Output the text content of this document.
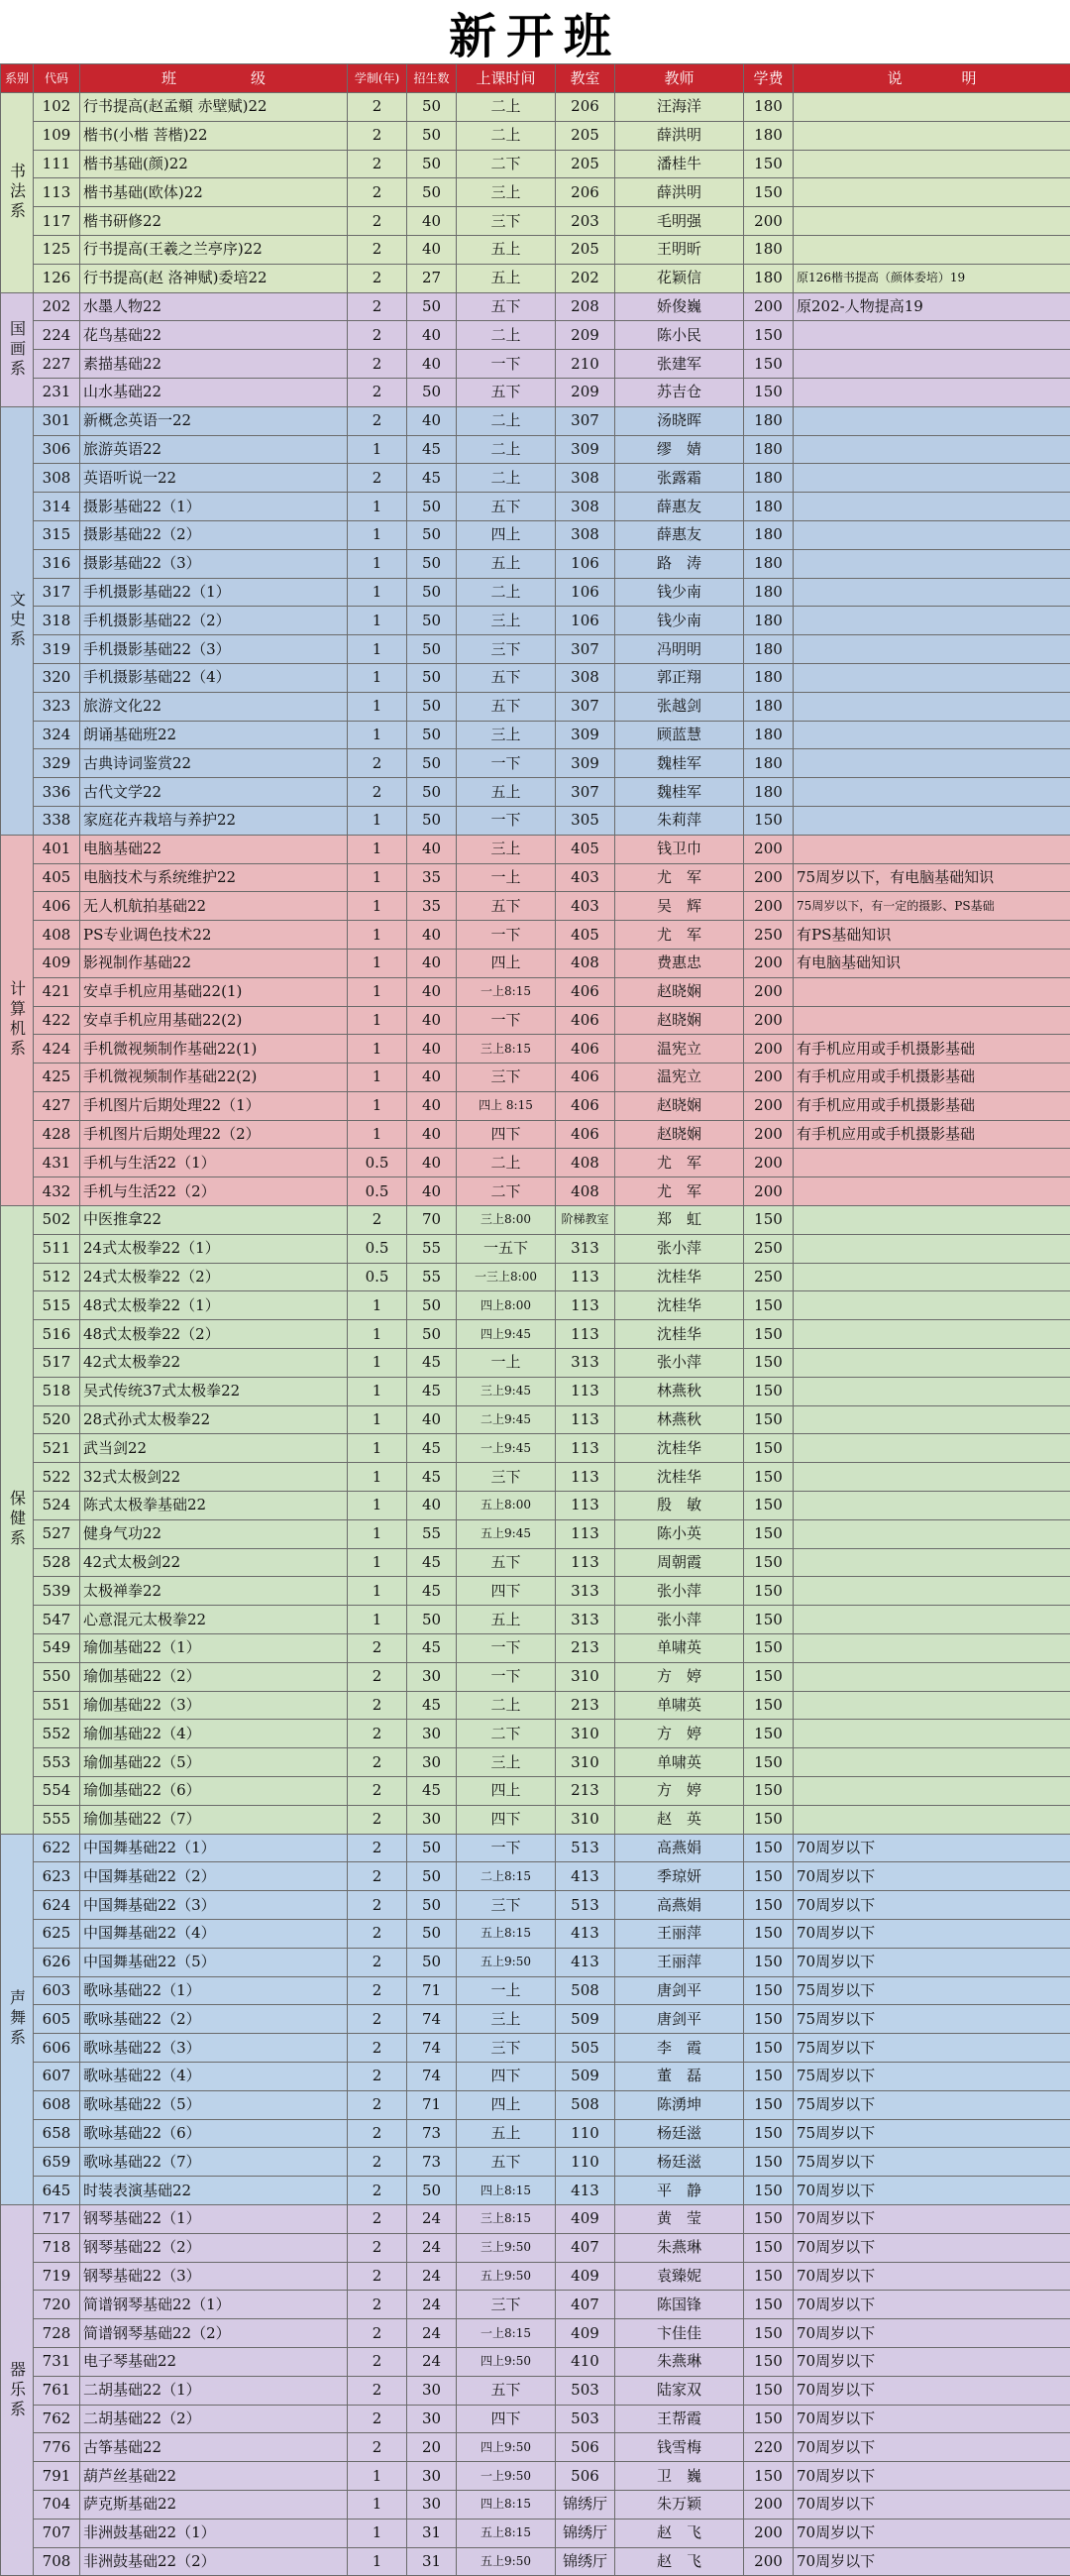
新开班
系别	代码	班　　　　　级	学制(年)	招生数	上课时间	教室	教师	学费	说　　　　明
书法系	102	行书提高(赵孟頫 赤壁赋)22	2	50	二上	206	汪海洋	180	
	109	楷书(小楷 菩楷)22	2	50	二上	205	薛洪明	180	
	111	楷书基础(颜)22	2	50	二下	205	潘桂牛	150	
	113	楷书基础(欧体)22	2	50	三上	206	薛洪明	150	
	117	楷书研修22	2	40	三下	203	毛明强	200	
	125	行书提高(王羲之兰亭序)22	2	40	五上	205	王明昕	180	
	126	行书提高(赵 洛神赋)委培22	2	27	五上	202	花颖信	180	原126楷书提高（颜体委培）19
国画系	202	水墨人物22	2	50	五下	208	娇俊巍	200	原202-人物提高19
	224	花鸟基础22	2	40	二上	209	陈小民	150	
	227	素描基础22	2	40	一下	210	张建军	150	
	231	山水基础22	2	50	五下	209	苏吉仓	150	
文史系	301	新概念英语一22	2	40	二上	307	汤晓晖	180	
	306	旅游英语22	1	45	二上	309	缪　婧	180	
	308	英语听说一22	2	45	二上	308	张露霜	180	
	314	摄影基础22（1）	1	50	五下	308	薛惠友	180	
	315	摄影基础22（2）	1	50	四上	308	薛惠友	180	
	316	摄影基础22（3）	1	50	五上	106	路　涛	180	
	317	手机摄影基础22（1）	1	50	二上	106	钱少南	180	
	318	手机摄影基础22（2）	1	50	三上	106	钱少南	180	
	319	手机摄影基础22（3）	1	50	三下	307	冯明明	180	
	320	手机摄影基础22（4）	1	50	五下	308	郭正翔	180	
	323	旅游文化22	1	50	五下	307	张越剑	180	
	324	朗诵基础班22	1	50	三上	309	顾蓝慧	180	
	329	古典诗词鉴赏22	2	50	一下	309	魏桂军	180	
	336	古代文学22	2	50	五上	307	魏桂军	180	
	338	家庭花卉栽培与养护22	1	50	一下	305	朱莉萍	150	
计算机系	401	电脑基础22	1	40	三上	405	钱卫巾	200	
	405	电脑技术与系统维护22	1	35	一上	403	尤　军	200	75周岁以下，有电脑基础知识
	406	无人机航拍基础22	1	35	五下	403	吴　辉	200	75周岁以下，有一定的摄影、PS基础
	408	PS专业调色技术22	1	40	一下	405	尤　军	250	有PS基础知识
	409	影视制作基础22	1	40	四上	408	费惠忠	200	有电脑基础知识
	421	安卓手机应用基础22(1)	1	40	一上8:15	406	赵晓娴	200	
	422	安卓手机应用基础22(2)	1	40	一下	406	赵晓娴	200	
	424	手机微视频制作基础22(1)	1	40	三上8:15	406	温宪立	200	有手机应用或手机摄影基础
	425	手机微视频制作基础22(2)	1	40	三下	406	温宪立	200	有手机应用或手机摄影基础
	427	手机图片后期处理22（1）	1	40	四上 8:15	406	赵晓娴	200	有手机应用或手机摄影基础
	428	手机图片后期处理22（2）	1	40	四下	406	赵晓娴	200	有手机应用或手机摄影基础
	431	手机与生活22（1）	0.5	40	二上	408	尤　军	200	
	432	手机与生活22（2）	0.5	40	二下	408	尤　军	200	
保健系	502	中医推拿22	2	70	三上8:00	阶梯教室	郑　虹	150	
	511	24式太极拳22（1）	0.5	55	一五下	313	张小萍	250	
	512	24式太极拳22（2）	0.5	55	一三上8:00	113	沈桂华	250	
	515	48式太极拳22（1）	1	50	四上8:00	113	沈桂华	150	
	516	48式太极拳22（2）	1	50	四上9:45	113	沈桂华	150	
	517	42式太极拳22	1	45	一上	313	张小萍	150	
	518	吴式传统37式太极拳22	1	45	三上9:45	113	林燕秋	150	
	520	28式孙式太极拳22	1	40	二上9:45	113	林燕秋	150	
	521	武当剑22	1	45	一上9:45	113	沈桂华	150	
	522	32式太极剑22	1	45	三下	113	沈桂华	150	
	524	陈式太极拳基础22	1	40	五上8:00	113	殷　敏	150	
	527	健身气功22	1	55	五上9:45	113	陈小英	150	
	528	42式太极剑22	1	45	五下	113	周朝霞	150	
	539	太极禅拳22	1	45	四下	313	张小萍	150	
	547	心意混元太极拳22	1	50	五上	313	张小萍	150	
	549	瑜伽基础22（1）	2	45	一下	213	单啸英	150	
	550	瑜伽基础22（2）	2	30	一下	310	方　婷	150	
	551	瑜伽基础22（3）	2	45	二上	213	单啸英	150	
	552	瑜伽基础22（4）	2	30	二下	310	方　婷	150	
	553	瑜伽基础22（5）	2	30	三上	310	单啸英	150	
	554	瑜伽基础22（6）	2	45	四上	213	方　婷	150	
	555	瑜伽基础22（7）	2	30	四下	310	赵　英	150	
声舞系	622	中国舞基础22（1）	2	50	一下	513	高燕娟	150	70周岁以下
	623	中国舞基础22（2）	2	50	二上8:15	413	季琼妍	150	70周岁以下
	624	中国舞基础22（3）	2	50	三下	513	高燕娟	150	70周岁以下
	625	中国舞基础22（4）	2	50	五上8:15	413	王丽萍	150	70周岁以下
	626	中国舞基础22（5）	2	50	五上9:50	413	王丽萍	150	70周岁以下
	603	歌咏基础22（1）	2	71	一上	508	唐剑平	150	75周岁以下
	605	歌咏基础22（2）	2	74	三上	509	唐剑平	150	75周岁以下
	606	歌咏基础22（3）	2	74	三下	505	李　霞	150	75周岁以下
	607	歌咏基础22（4）	2	74	四下	509	董　磊	150	75周岁以下
	608	歌咏基础22（5）	2	71	四上	508	陈湧坤	150	75周岁以下
	658	歌咏基础22（6）	2	73	五上	110	杨廷滋	150	75周岁以下
	659	歌咏基础22（7）	2	73	五下	110	杨廷滋	150	75周岁以下
	645	时装表演基础22	2	50	四上8:15	413	平　静	150	70周岁以下
器乐系	717	钢琴基础22（1）	2	24	三上8:15	409	黄　莹	150	70周岁以下
	718	钢琴基础22（2）	2	24	三上9:50	407	朱燕琳	150	70周岁以下
	719	钢琴基础22（3）	2	24	五上9:50	409	袁臻妮	150	70周岁以下
	720	简谱钢琴基础22（1）	2	24	三下	407	陈国锋	150	70周岁以下
	728	简谱钢琴基础22（2）	2	24	一上8:15	409	卞佳佳	150	70周岁以下
	731	电子琴基础22	2	24	四上9:50	410	朱燕琳	150	70周岁以下
	761	二胡基础22（1）	2	30	五下	503	陆家双	150	70周岁以下
	762	二胡基础22（2）	2	30	四下	503	王帮霞	150	70周岁以下
	776	古筝基础22	2	20	四上9:50	506	钱雪梅	220	70周岁以下
	791	葫芦丝基础22	1	30	一上9:50	506	卫　巍	150	70周岁以下
	704	萨克斯基础22	1	30	四上8:15	锦绣厅	朱万颖	200	70周岁以下
	707	非洲鼓基础22（1）	1	31	五上8:15	锦绣厅	赵　飞	200	70周岁以下
	708	非洲鼓基础22（2）	1	31	五上9:50	锦绣厅	赵　飞	200	70周岁以下
